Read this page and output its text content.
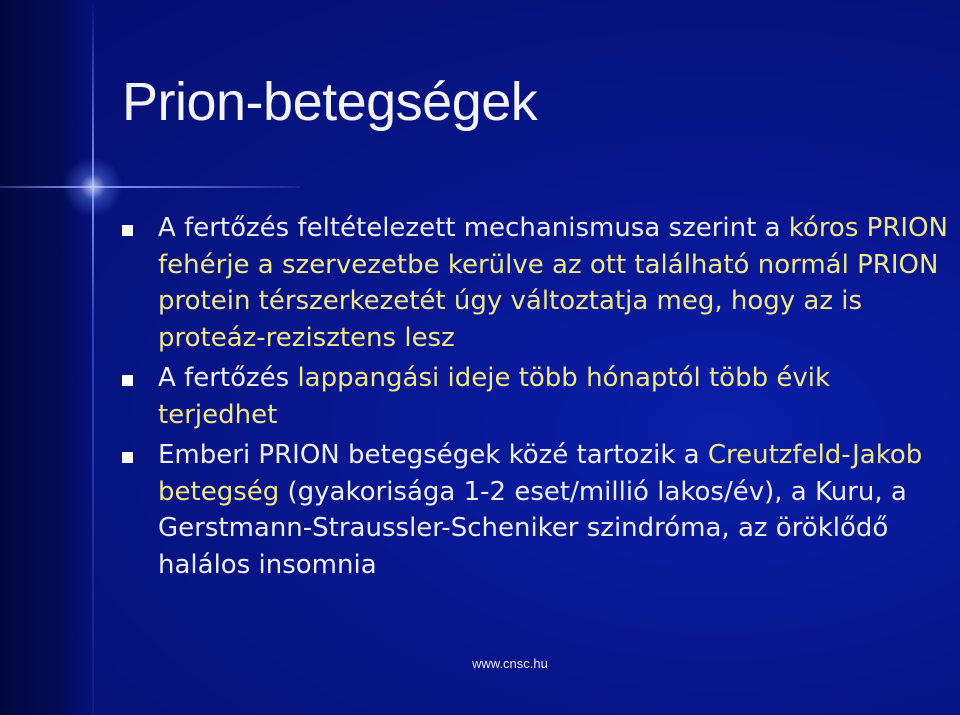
Prion-betegségek
A fertőzés feltételezett mechanismusa szerint a kóros PRION fehérje a szervezetbe kerülve az ott található normál PRION protein térszerkezetét úgy változtatja meg, hogy az is proteáz-rezisztens lesz
A fertőzés lappangási ideje több hónaptól több évik terjedhet
Emberi PRION betegségek közé tartozik a Creutzfeld-Jakob betegség (gyakorisága 1-2 eset/millió lakos/év), a Kuru, a Gerstmann-Straussler-Scheniker szindróma, az öröklődő halálos insomnia
www.cnsc.hu
